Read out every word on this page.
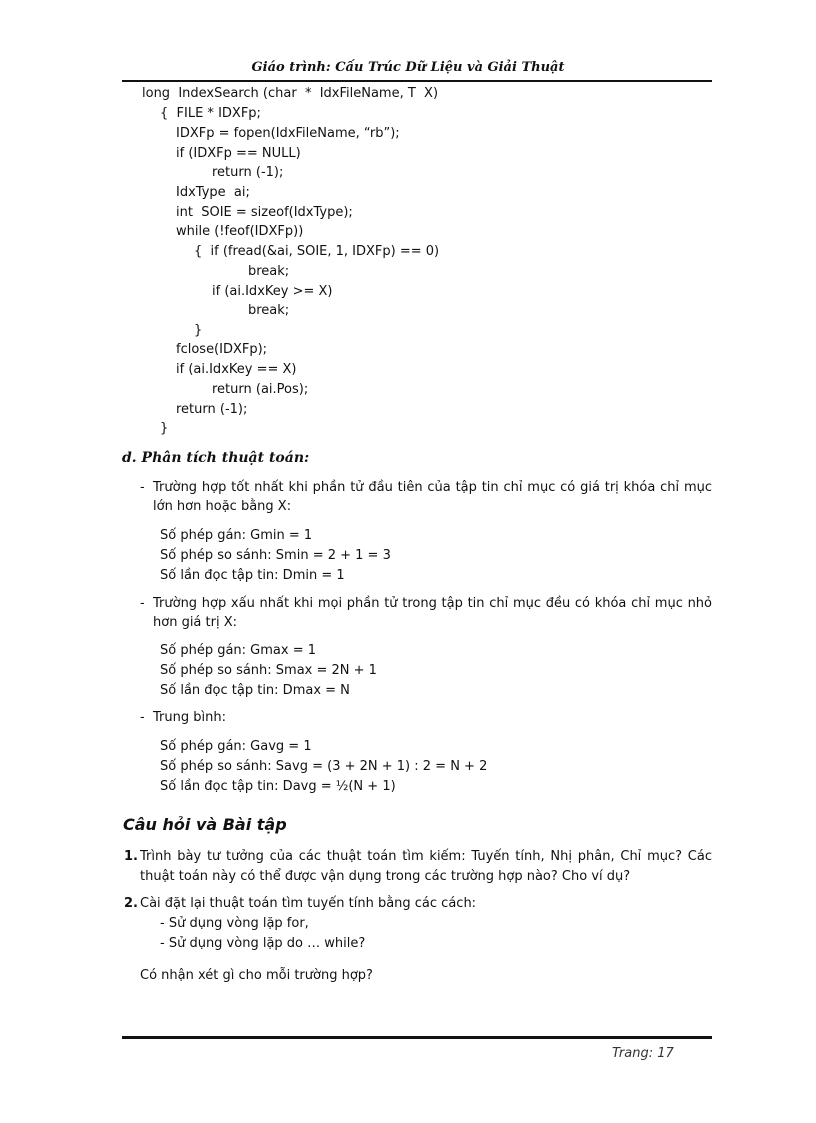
Giáo trình: Cấu Trúc Dữ Liệu và Giải Thuật
long  IndexSearch (char  *  IdxFileName, T  X)
{  FILE * IDXFp;
IDXFp = fopen(IdxFileName, “rb”);
if (IDXFp == NULL)
return (-1);
IdxType  ai;
int  SOIE = sizeof(IdxType);
while (!feof(IDXFp))
{  if (fread(&ai, SOIE, 1, IDXFp) == 0)
break;
if (ai.IdxKey >= X)
break;
}
fclose(IDXFp);
if (ai.IdxKey == X)
return (ai.Pos);
return (-1);
}
d. Phân tích thuật toán:
- Trường hợp tốt nhất khi phần tử đầu tiên của tập tin chỉ mục có giá trị khóa chỉ mục lớn hơn hoặc bằng X:
Số phép gán: Gmin = 1
Số phép so sánh: Smin = 2 + 1 = 3
Số lần đọc tập tin: Dmin = 1
- Trường hợp xấu nhất khi mọi phần tử trong tập tin chỉ mục đều có khóa chỉ mục nhỏ hơn giá trị X:
Số phép gán: Gmax = 1
Số phép so sánh: Smax = 2N + 1
Số lần đọc tập tin: Dmax = N
- Trung bình:
Số phép gán: Gavg = 1
Số phép so sánh: Savg = (3 + 2N + 1) : 2 = N + 2
Số lần đọc tập tin: Davg = ½(N + 1)
Câu hỏi và Bài tập
1. Trình bày tư tưởng của các thuật toán tìm kiếm: Tuyến tính, Nhị phân, Chỉ mục? Các thuật toán này có thể được vận dụng trong các trường hợp nào? Cho ví dụ?
2. Cài đặt lại thuật toán tìm tuyến tính bằng các cách:
- Sử dụng vòng lặp for,
- Sử dụng vòng lặp do … while?
Có nhận xét gì cho mỗi trường hợp?
Trang: 17
